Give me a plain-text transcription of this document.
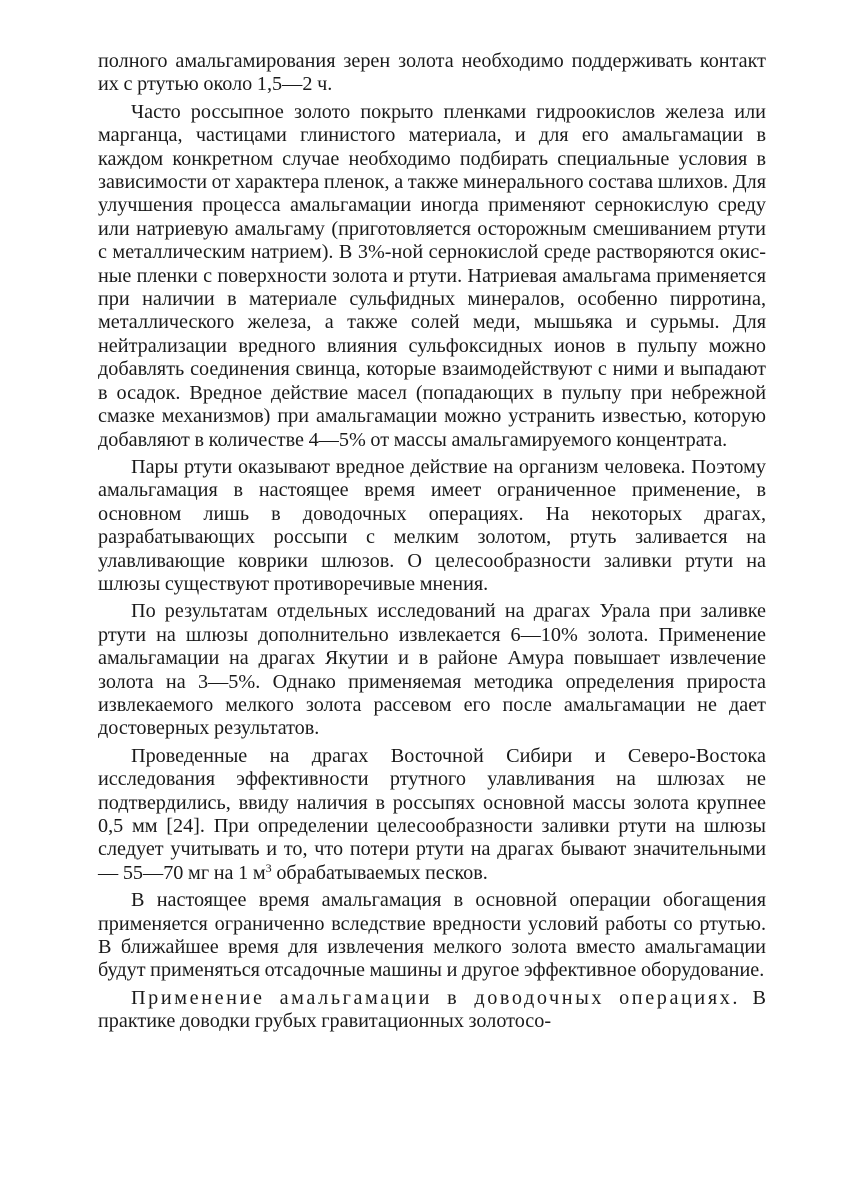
полного амальгамирования зерен золота необходимо поддерживать контакт их с ртутью около 1,5—2 ч.

Часто россыпное золото покрыто пленками гидроокислов железа или марганца, частицами глинистого материала, и для его амальгамации в каждом конкретном случае необходимо подбирать специальные условия в зависимости от характера пленок, а также минерального состава шлихов. Для улучшения процесса амальгамации иногда применяют сернокислую среду или натриевую амальгаму (приготовляется осторожным смешиванием ртути с металлическим натрием). В 3%-ной сернокислой среде растворяются окисные пленки с поверхности золота и ртути. Натриевая амальгама применяется при наличии в материале сульфидных минералов, особенно пирротина, металлического железа, а также солей меди, мышьяка и сурьмы. Для нейтрализации вредного влияния сульфоксидных ионов в пульпу можно добавлять соединения свинца, которые взаимодействуют с ними и выпадают в осадок. Вредное действие масел (попадающих в пульпу при небрежной смазке механизмов) при амальгамации можно устранить известью, которую добавляют в количестве 4—5% от массы амальгамируемого концентрата.

Пары ртути оказывают вредное действие на организм человека. Поэтому амальгамация в настоящее время имеет ограниченное применение, в основном лишь в доводочных операциях. На некоторых драгах, разрабатывающих россыпи с мелким золотом, ртуть заливается на улавливающие коврики шлюзов. О целесообразности заливки ртути на шлюзы существуют противоречивые мнения.

По результатам отдельных исследований на драгах Урала при заливке ртути на шлюзы дополнительно извлекается 6—10% золота. Применение амальгамации на драгах Якутии и в районе Амура повышает извлечение золота на 3—5%. Однако применяемая методика определения прироста извлекаемого мелкого золота рассевом его после амальгамации не дает достоверных результатов.

Проведенные на драгах Восточной Сибири и Северо-Востока исследования эффективности ртутного улавливания на шлюзах не подтвердились, ввиду наличия в россыпях основной массы золота крупнее 0,5 мм [24]. При определении целесообразности заливки ртути на шлюзы следует учитывать и то, что потери ртути на драгах бывают значительными — 55—70 мг на 1 $м^3$ обрабатываемых песков.

В настоящее время амальгамация в основной операции обогащения применяется ограниченно вследствие вредности условий работы со ртутью. В ближайшее время для извлечения мелкого золота вместо амальгамации будут применяться отсадочные машины и другое эффективное оборудование.

Применение амальгамации в доводочных операциях. В практике доводки грубых гравитационных золотосо-
